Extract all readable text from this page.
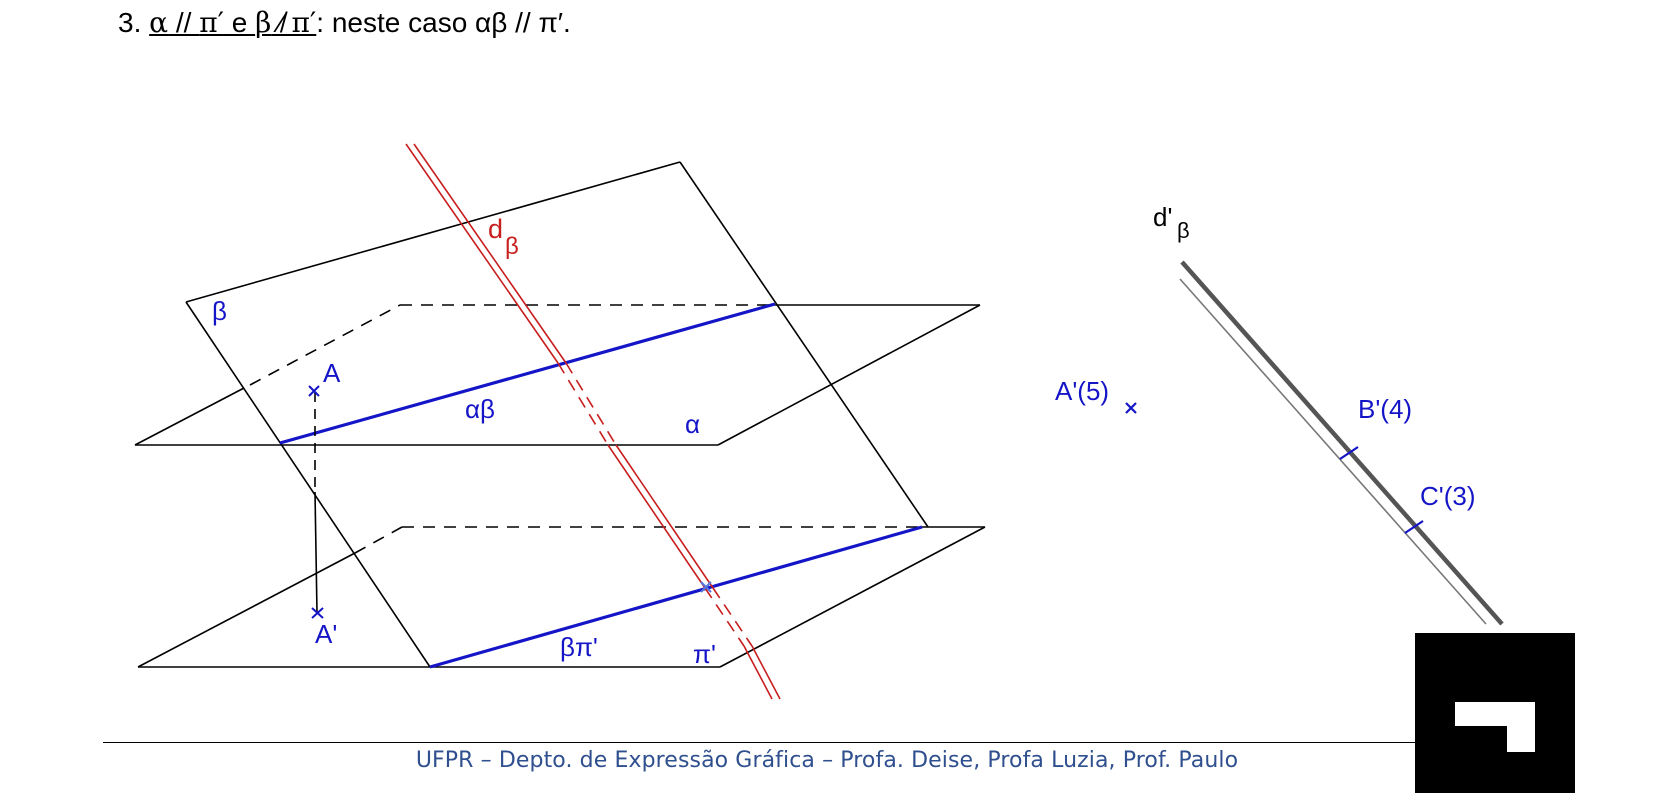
3. α // π′ e β ⁄̸ π′: neste caso αβ // π′.
d
β
β
A
αβ	α
A'	βπ'	π'
d' β
A'(5)
B'(4)
C'(3)
UFPR – Depto. de Expressão Gráfica – Profa. Deise, Profa Luzia, Prof. Paulo
